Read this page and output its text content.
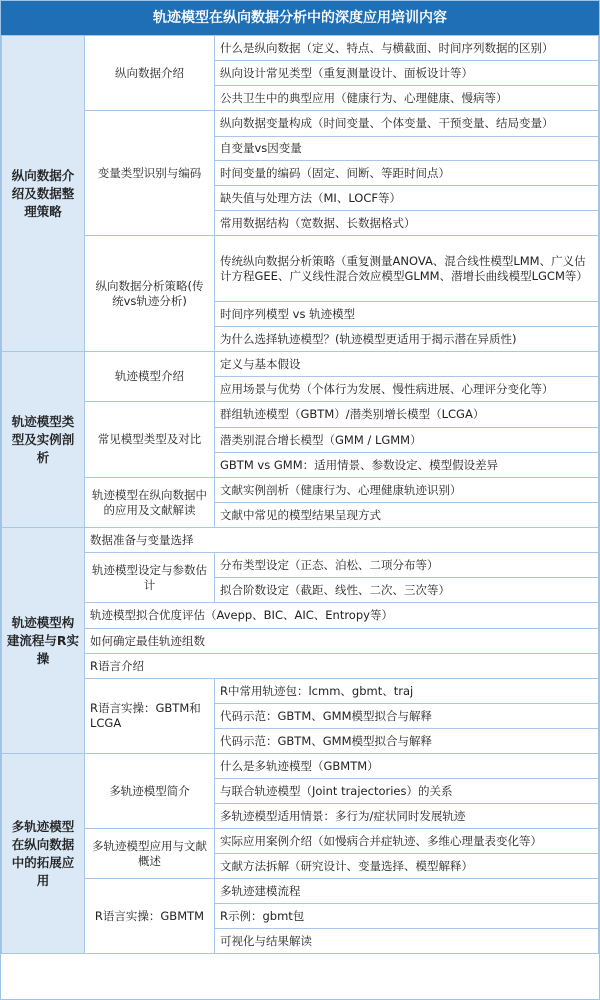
轨迹模型在纵向数据分析中的深度应用培训内容
纵向数据介绍及数据整理策略	纵向数据介绍	什么是纵向数据（定义、特点、与横截面、时间序列数据的区别）
		纵向设计常见类型（重复测量设计、面板设计等）
		公共卫生中的典型应用（健康行为、心理健康、慢病等）
	变量类型识别与编码	纵向数据变量构成（时间变量、个体变量、干预变量、结局变量）
		自变量vs因变量
		时间变量的编码（固定、间断、等距时间点）
		缺失值与处理方法（MI、LOCF等）
		常用数据结构（宽数据、长数据格式）
	纵向数据分析策略(传统vs轨迹分析)	传统纵向数据分析策略（重复测量ANOVA、混合线性模型LMM、广义估计方程GEE、广义线性混合效应模型GLMM、潜增长曲线模型LGCM等）
		时间序列模型 vs 轨迹模型
		为什么选择轨迹模型？(轨迹模型更适用于揭示潜在异质性)
轨迹模型类型及实例剖析	轨迹模型介绍	定义与基本假设
		应用场景与优势（个体行为发展、慢性病进展、心理评分变化等）
	常见模型类型及对比	群组轨迹模型（GBTM）/潜类别增长模型（LCGA）
		潜类别混合增长模型（GMM / LGMM）
		GBTM vs GMM：适用情景、参数设定、模型假设差异
	轨迹模型在纵向数据中的应用及文献解读	文献实例剖析（健康行为、心理健康轨迹识别）
		文献中常见的模型结果呈现方式
轨迹模型构建流程与R实操	数据准备与变量选择	
	轨迹模型设定与参数估计	分布类型设定（正态、泊松、二项分布等）
		拟合阶数设定（截距、线性、二次、三次等）
	轨迹模型拟合优度评估（Avepp、BIC、AIC、Entropy等）	
	如何确定最佳轨迹组数	
	R语言介绍	
	R语言实操：GBTM和LCGA	R中常用轨迹包：lcmm、gbmt、traj
		代码示范：GBTM、GMM模型拟合与解释
		代码示范：GBTM、GMM模型拟合与解释

多轨迹模型在纵向数据中的拓展应用	多轨迹模型简介	什么是多轨迹模型（GBMTM）
		与联合轨迹模型（Joint trajectories）的关系
		多轨迹模型适用情景：多行为/症状同时发展轨迹
	多轨迹模型应用与文献概述	实际应用案例介绍（如慢病合并症轨迹、多维心理量表变化等）
		文献方法拆解（研究设计、变量选择、模型解释）
	R语言实操：GBMTM	多轨迹建模流程
		R示例：gbmt包
		可视化与结果解读
